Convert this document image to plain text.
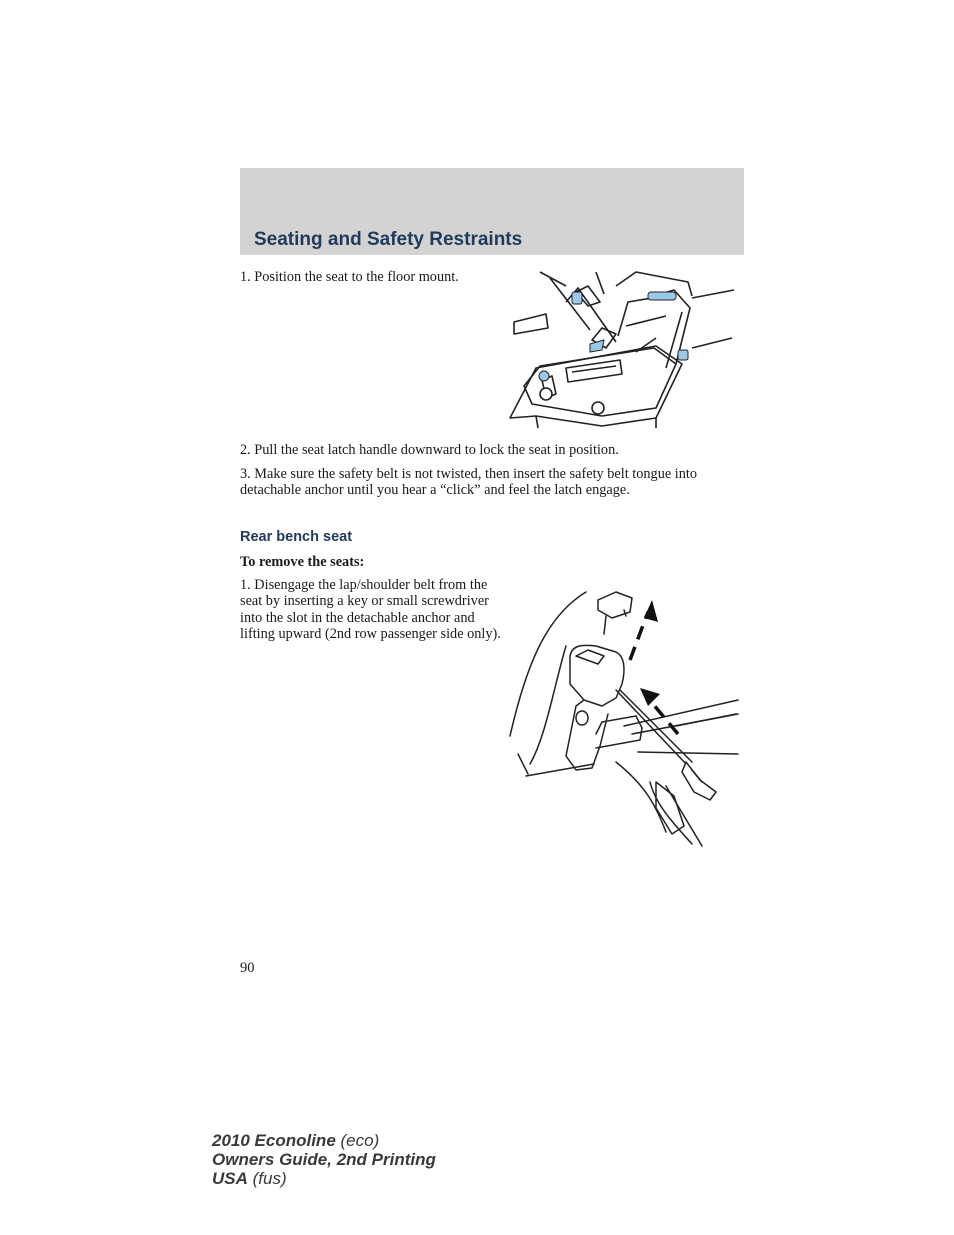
Seating and Safety Restraints

1. Position the seat to the floor mount.

2. Pull the seat latch handle downward to lock the seat in position.

3. Make sure the safety belt is not twisted, then insert the safety belt tongue into detachable anchor until you hear a “click” and feel the latch engage.

Rear bench seat

To remove the seats:

1. Disengage the lap/shoulder belt from the seat by inserting a key or small screwdriver into the slot in the detachable anchor and lifting upward (2nd row passenger side only).

90

2010 Econoline (eco)
Owners Guide, 2nd Printing
USA (fus)
